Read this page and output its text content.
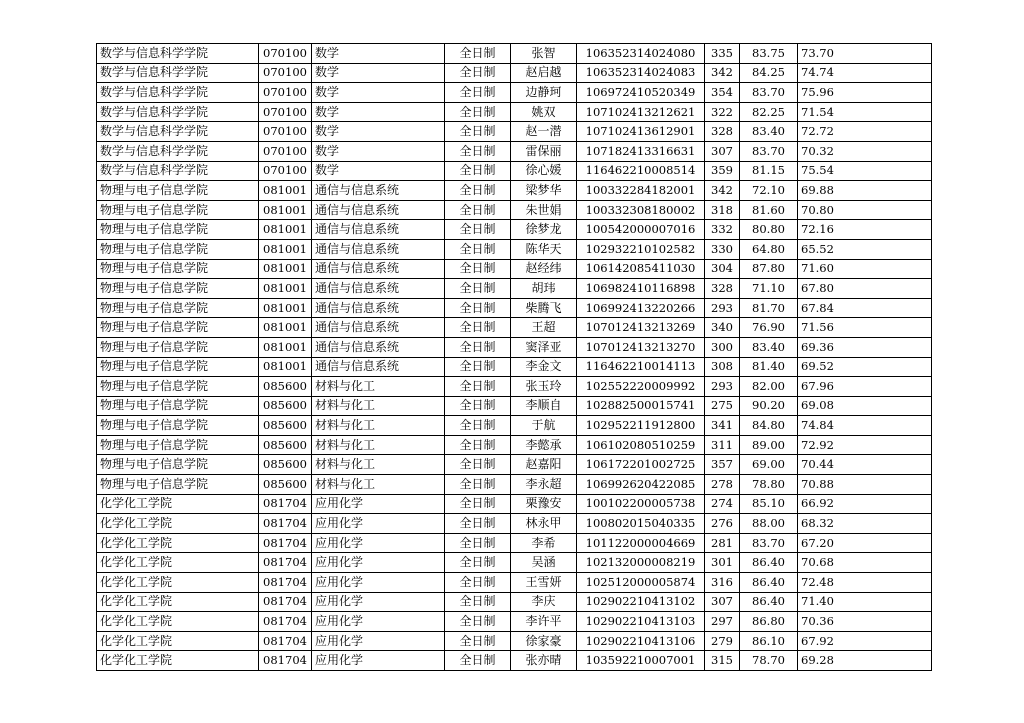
数学与信息科学学院	070100	数学	全日制	张智	106352314024080	335	83.75	73.70
数学与信息科学学院	070100	数学	全日制	赵启越	106352314024083	342	84.25	74.74
数学与信息科学学院	070100	数学	全日制	边静珂	106972410520349	354	83.70	75.96
数学与信息科学学院	070100	数学	全日制	姚双	107102413212621	322	82.25	71.54
数学与信息科学学院	070100	数学	全日制	赵一潜	107102413612901	328	83.40	72.72
数学与信息科学学院	070100	数学	全日制	雷保丽	107182413316631	307	83.70	70.32
数学与信息科学学院	070100	数学	全日制	徐心媛	116462210008514	359	81.15	75.54
物理与电子信息学院	081001	通信与信息系统	全日制	梁梦华	100332284182001	342	72.10	69.88
物理与电子信息学院	081001	通信与信息系统	全日制	朱世娟	100332308180002	318	81.60	70.80
物理与电子信息学院	081001	通信与信息系统	全日制	徐梦龙	100542000007016	332	80.80	72.16
物理与电子信息学院	081001	通信与信息系统	全日制	陈华天	102932210102582	330	64.80	65.52
物理与电子信息学院	081001	通信与信息系统	全日制	赵经纬	106142085411030	304	87.80	71.60
物理与电子信息学院	081001	通信与信息系统	全日制	胡玮	106982410116898	328	71.10	67.80
物理与电子信息学院	081001	通信与信息系统	全日制	柴腾飞	106992413220266	293	81.70	67.84
物理与电子信息学院	081001	通信与信息系统	全日制	王超	107012413213269	340	76.90	71.56
物理与电子信息学院	081001	通信与信息系统	全日制	窦泽亚	107012413213270	300	83.40	69.36
物理与电子信息学院	081001	通信与信息系统	全日制	李金文	116462210014113	308	81.40	69.52
物理与电子信息学院	085600	材料与化工	全日制	张玉玲	102552220009992	293	82.00	67.96
物理与电子信息学院	085600	材料与化工	全日制	李顺自	102882500015741	275	90.20	69.08
物理与电子信息学院	085600	材料与化工	全日制	于航	102952211912800	341	84.80	74.84
物理与电子信息学院	085600	材料与化工	全日制	李懿承	106102080510259	311	89.00	72.92
物理与电子信息学院	085600	材料与化工	全日制	赵嘉阳	106172201002725	357	69.00	70.44
物理与电子信息学院	085600	材料与化工	全日制	李永超	106992620422085	278	78.80	70.88
化学化工学院	081704	应用化学	全日制	栗豫安	100102200005738	274	85.10	66.92
化学化工学院	081704	应用化学	全日制	林永甲	100802015040335	276	88.00	68.32
化学化工学院	081704	应用化学	全日制	李希	101122000004669	281	83.70	67.20
化学化工学院	081704	应用化学	全日制	吴涵	102132000008219	301	86.40	70.68
化学化工学院	081704	应用化学	全日制	王雪妍	102512000005874	316	86.40	72.48
化学化工学院	081704	应用化学	全日制	李庆	102902210413102	307	86.40	71.40
化学化工学院	081704	应用化学	全日制	李许平	102902210413103	297	86.80	70.36
化学化工学院	081704	应用化学	全日制	徐家豪	102902210413106	279	86.10	67.92
化学化工学院	081704	应用化学	全日制	张亦晴	103592210007001	315	78.70	69.28
